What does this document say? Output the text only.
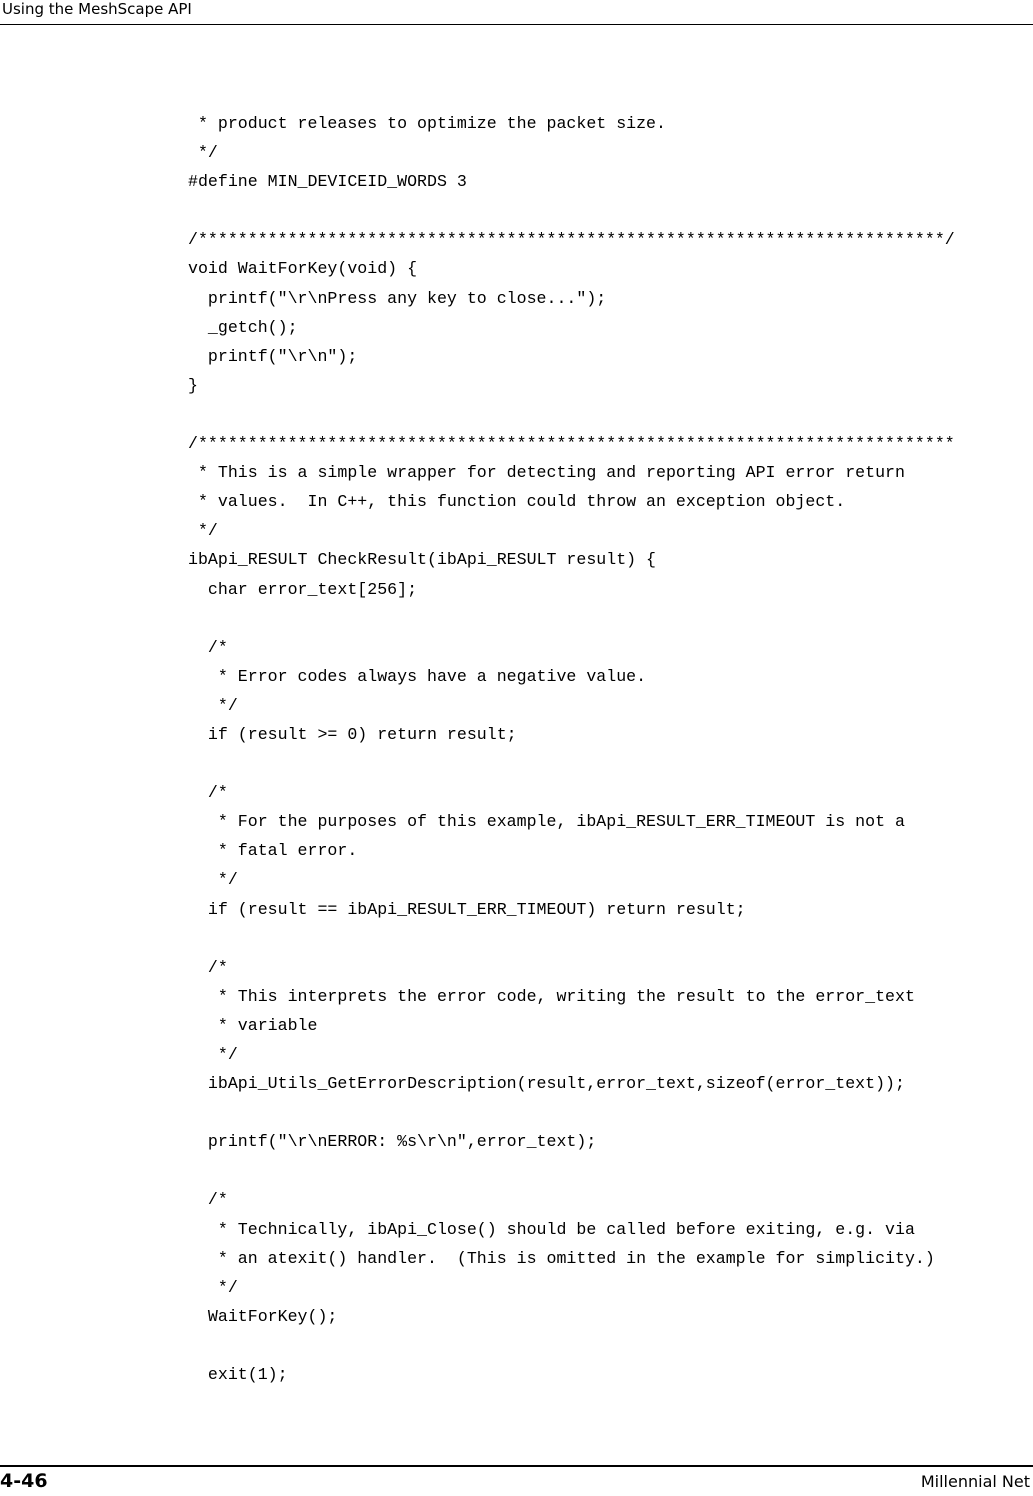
Using the MeshScape API
* product releases to optimize the packet size.
*/
#define MIN_DEVICEID_WORDS 3
/***************************************************************************/
void WaitForKey(void) {
printf("\r\nPress any key to close...");
_getch();
printf("\r\n");
}
/****************************************************************************
* This is a simple wrapper for detecting and reporting API error return
* values.  In C++, this function could throw an exception object.
*/
ibApi_RESULT CheckResult(ibApi_RESULT result) {
char error_text[256];
/*
* Error codes always have a negative value.
*/
if (result >= 0) return result;
/*
* For the purposes of this example, ibApi_RESULT_ERR_TIMEOUT is not a
* fatal error.
*/
if (result == ibApi_RESULT_ERR_TIMEOUT) return result;
/*
* This interprets the error code, writing the result to the error_text
* variable
*/
ibApi_Utils_GetErrorDescription(result,error_text,sizeof(error_text));
printf("\r\nERROR: %s\r\n",error_text);
/*
* Technically, ibApi_Close() should be called before exiting, e.g. via
* an atexit() handler.  (This is omitted in the example for simplicity.)
*/
WaitForKey();
exit(1);
4-46	Millennial Net
